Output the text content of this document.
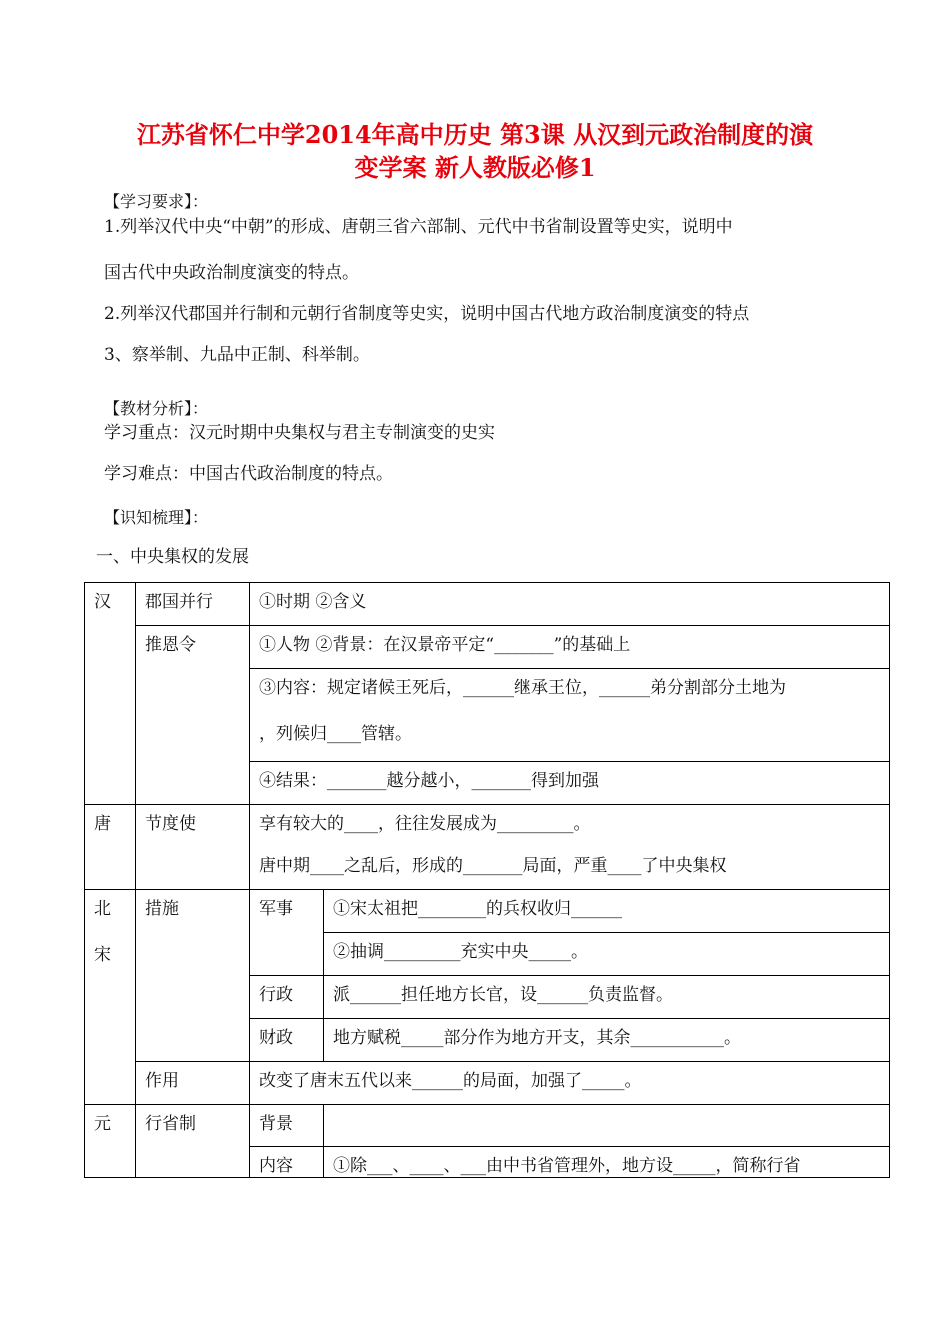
江苏省怀仁中学2014年高中历史 第3课 从汉到元政治制度的演
变学案 新人教版必修1
【学习要求】：
1.列举汉代中央“中朝”的形成、唐朝三省六部制、元代中书省制设置等史实，说明中
国古代中央政治制度演变的特点。
2.列举汉代郡国并行制和元朝行省制度等史实，说明中国古代地方政治制度演变的特点
3、察举制、九品中正制、科举制。
【教材分析】：
学习重点：汉元时期中央集权与君主专制演变的史实
学习难点：中国古代政治制度的特点。
【识知梳理】：
一、中央集权的发展
汉	郡国并行	①时期 ②含义	
	推恩令	①人物 ②背景：在汉景帝平定“_______”的基础上	

		③内容：规定诸候王死后，______继承王位，______弟分割部分土地为
，列候归____管辖。	

		④结果：_______越分越小，_______得到加强	
唐	节度使	享有较大的____，往往发展成为_________。
唐中期____之乱后，形成的_______局面，严重____了中央集权	

北
宋	措施	军事	①宋太祖把________的兵权收归______
			②抽调_________充实中央_____。
		行政	派______担任地方长官，设______负责监督。
		财政	地方赋税_____部分作为地方开支，其余___________。
	作用	改变了唐末五代以来______的局面，加强了_____。	
元	行省制	背景	
		内容	①除___、____、___由中书省管理外，地方设_____，简称行省
